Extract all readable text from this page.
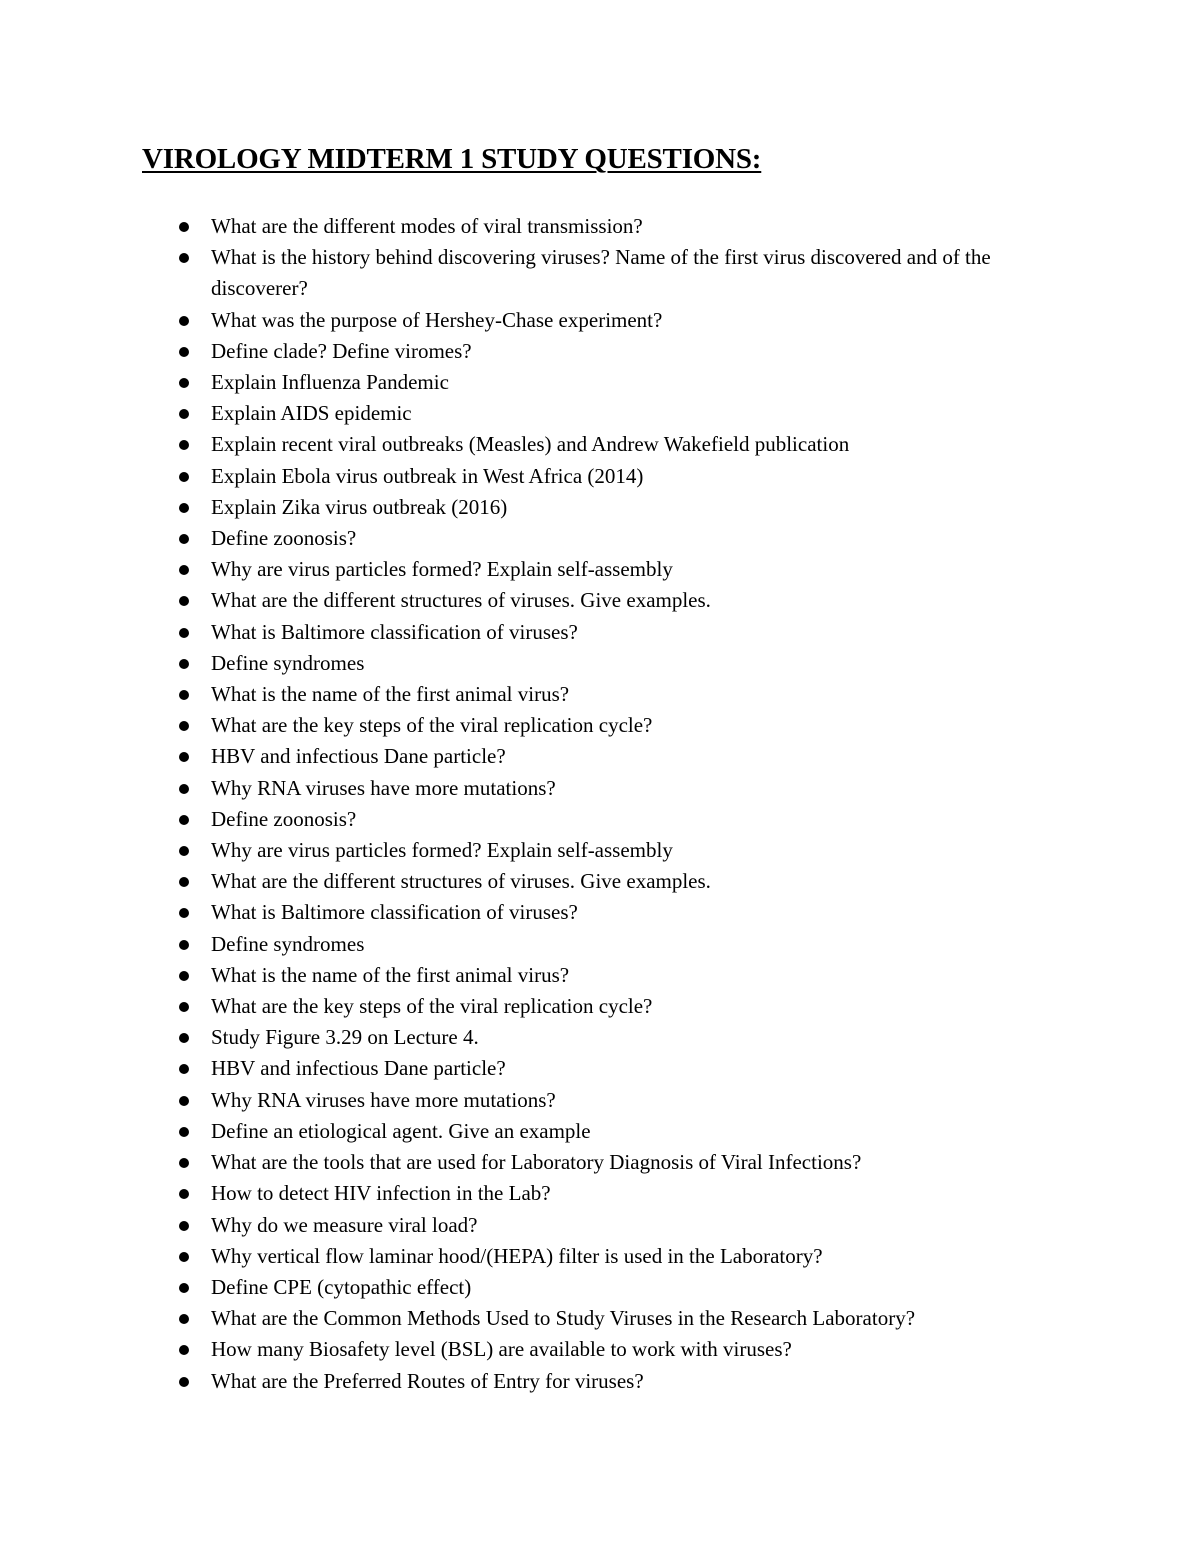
VIROLOGY MIDTERM 1 STUDY QUESTIONS:
What are the different modes of viral transmission?
What is the history behind discovering viruses? Name of the first virus discovered and of the discoverer?
What was the purpose of Hershey-Chase experiment?
Define clade? Define viromes?
Explain Influenza Pandemic
Explain AIDS epidemic
Explain recent viral outbreaks (Measles) and Andrew Wakefield publication
Explain Ebola virus outbreak in West Africa (2014)
Explain Zika virus outbreak (2016)
Define zoonosis?
Why are virus particles formed? Explain self-assembly
What are the different structures of viruses. Give examples.
What is Baltimore classification of viruses?
Define syndromes
What is the name of the first animal virus?
What are the key steps of the viral replication cycle?
HBV and infectious Dane particle?
Why RNA viruses have more mutations?
Define zoonosis?
Why are virus particles formed? Explain self-assembly
What are the different structures of viruses. Give examples.
What is Baltimore classification of viruses?
Define syndromes
What is the name of the first animal virus?
What are the key steps of the viral replication cycle?
Study Figure 3.29 on Lecture 4.
HBV and infectious Dane particle?
Why RNA viruses have more mutations?
Define an etiological agent. Give an example
What are the tools that are used for Laboratory Diagnosis of Viral Infections?
How to detect HIV infection in the Lab?
Why do we measure viral load?
Why vertical flow laminar hood/(HEPA) filter is used in the Laboratory?
Define CPE (cytopathic effect)
What are the Common Methods Used to Study Viruses in the Research Laboratory?
How many Biosafety level (BSL) are available to work with viruses?
What are the Preferred Routes of Entry for viruses?
